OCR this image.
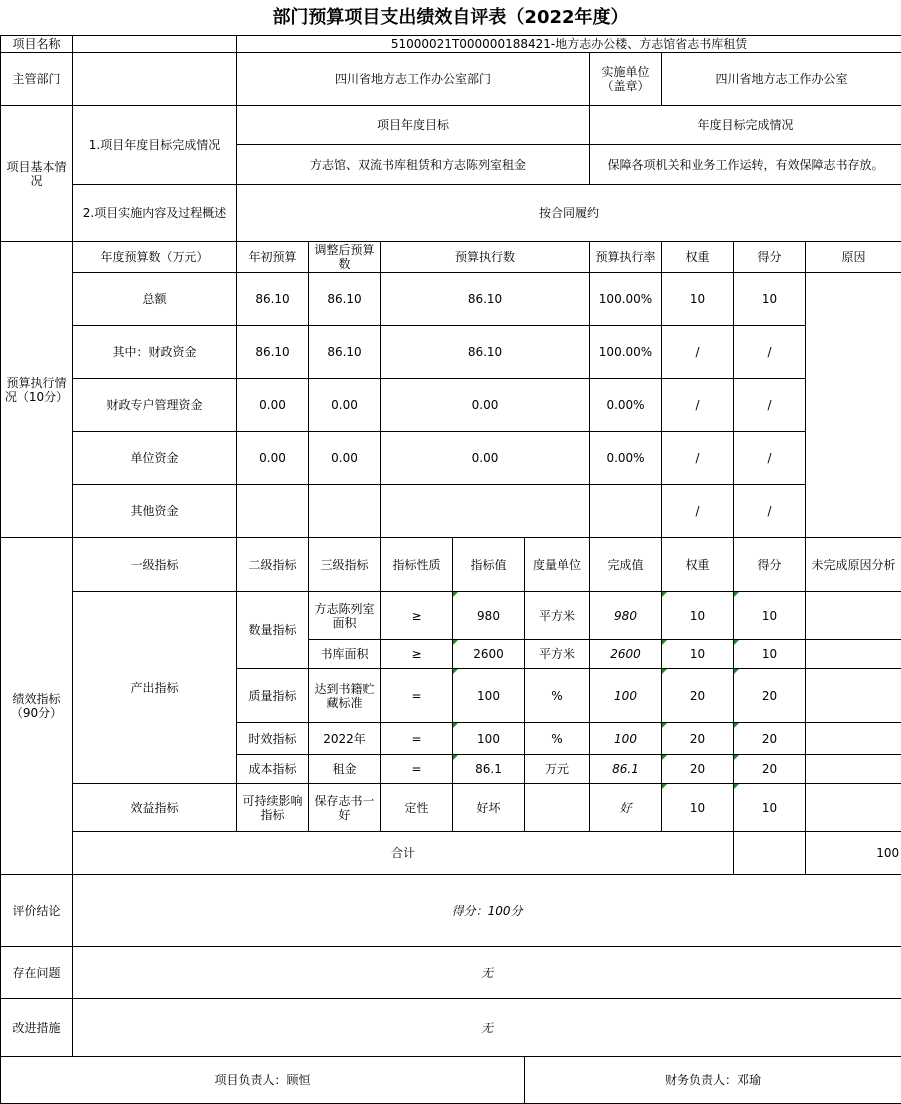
部门预算项目支出绩效自评表（2022年度）
项目名称		51000021T000000188421-地方志办公楼、方志馆省志书库租赁									
主管部门		四川省地方志工作办公室部门					实施单位（盖章）	四川省地方志工作办公室			
项目基本情况	1.项目年度目标完成情况	项目年度目标					年度目标完成情况				
		方志馆、双流书库租赁和方志陈列室租金					保障各项机关和业务工作运转，有效保障志书存放。				
	2.项目实施内容及过程概述	按合同履约									
预算执行情况（10分）	年度预算数（万元）	年初预算	调整后预算数	预算执行数			预算执行率	权重	得分	原因	
	总额	86.10	86.10	86.10			100.00%	10	10		
	其中：财政资金	86.10	86.10	86.10			100.00%	/	/		
	财政专户管理资金	0.00	0.00	0.00			0.00%	/	/		
	单位资金	0.00	0.00	0.00			0.00%	/	/		
	其他资金							/	/		
绩效指标（90分）	一级指标	二级指标	三级指标	指标性质	指标值	度量单位	完成值	权重	得分	未完成原因分析	
	产出指标	数量指标	方志陈列室面积	≥	980	平方米	980	10	10		
			书库面积	≥	2600	平方米	2600	10	10		
		质量指标	达到书籍贮藏标准	=	100	%	100	20	20		
		时效指标	2022年	=	100	%	100	20	20		
		成本指标	租金	=	86.1	万元	86.1	20	20		
	效益指标	可持续影响指标	保存志书一好	定性	好坏		好	10	10		
	合计									100	
评价结论	得分：100分										
存在问题	无										
改进措施	无										
项目负责人：顾恒						财务负责人：邓瑜					
